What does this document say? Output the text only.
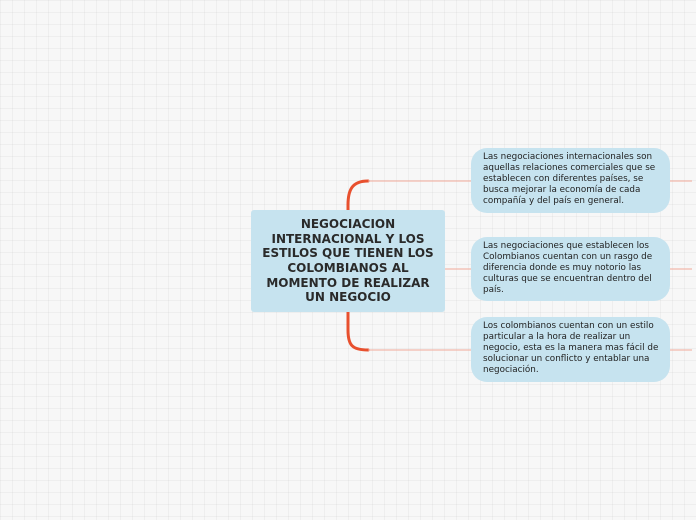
NEGOCIACION INTERNACIONAL Y LOS ESTILOS QUE TIENEN LOS COLOMBIANOS AL MOMENTO DE REALIZAR UN NEGOCIO
Las negociaciones internacionales son aquellas relaciones comerciales que se establecen con diferentes países, se busca mejorar la economía de cada compañía y del país en general.
Las negociaciones que establecen los Colombianos cuentan con un rasgo de diferencia donde es muy notorio las culturas que se encuentran dentro del país.
Los colombianos cuentan con un estilo particular a la hora de realizar un negocio, esta es la manera mas fácil de solucionar un conflicto y entablar una negociación.
